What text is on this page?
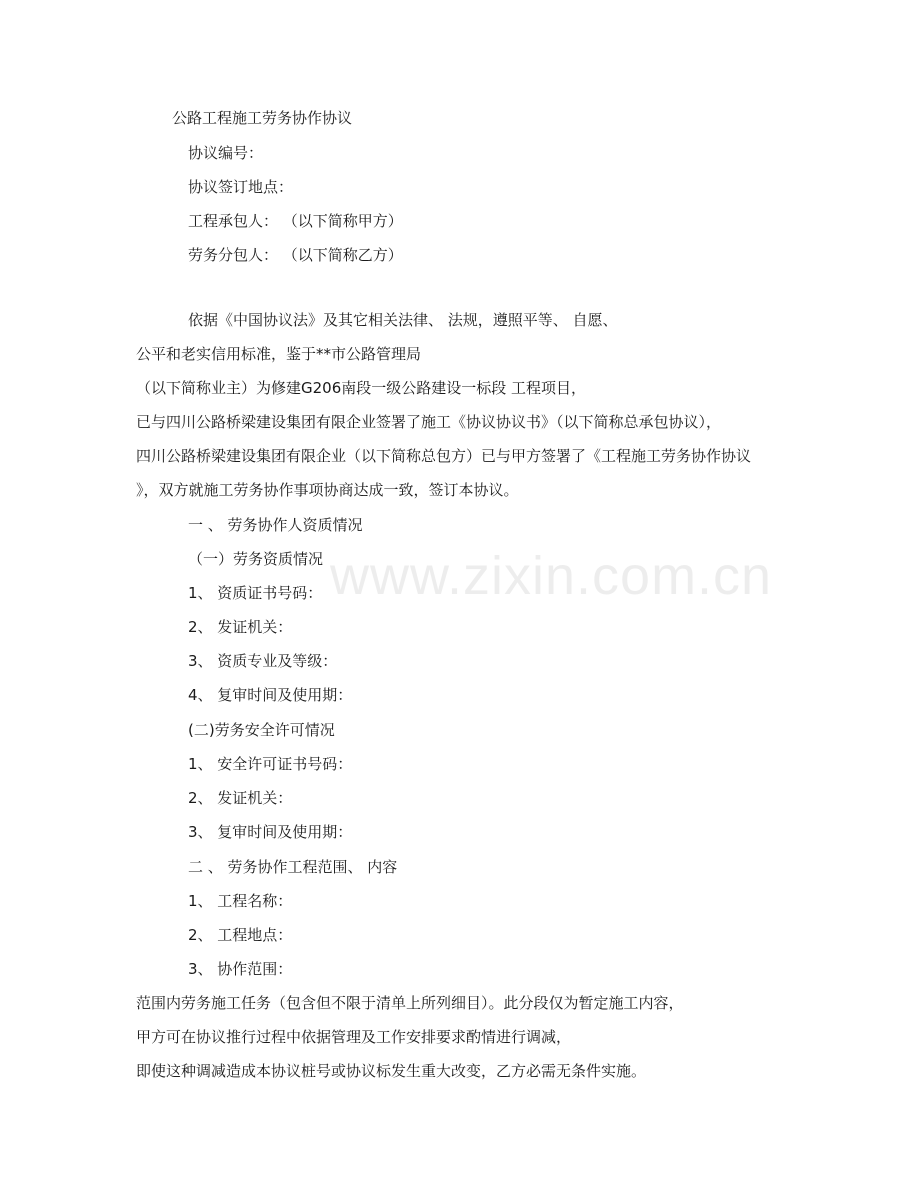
www.zixin.com.cn
公路工程施工劳务协作协议
协议编号：
协议签订地点：
工程承包人： （以下简称甲方）
劳务分包人： （以下简称乙方）
依据《中国协议法》及其它相关法律、 法规，遵照平等、 自愿、
公平和老实信用标准，鉴于**市公路管理局
（以下简称业主）为修建G206南段一级公路建设一标段 工程项目，
已与四川公路桥梁建设集团有限企业签署了施工《协议协议书》（以下简称总承包协议），
四川公路桥梁建设集团有限企业（以下简称总包方）已与甲方签署了《工程施工劳务协作协议
》，双方就施工劳务协作事项协商达成一致，签订本协议。
一 、 劳务协作人资质情况
（一）劳务资质情况
1、 资质证书号码：
2、 发证机关：
3、 资质专业及等级：
4、 复审时间及使用期：
(二)劳务安全许可情况
1、 安全许可证书号码：
2、 发证机关：
3、 复审时间及使用期：
二 、 劳务协作工程范围、 内容
1、 工程名称：
2、 工程地点：
3、 协作范围：
范围内劳务施工任务（包含但不限于清单上所列细目）。此分段仅为暂定施工内容，
甲方可在协议推行过程中依据管理及工作安排要求酌情进行调减，
即使这种调减造成本协议桩号或协议标发生重大改变，乙方必需无条件实施。
